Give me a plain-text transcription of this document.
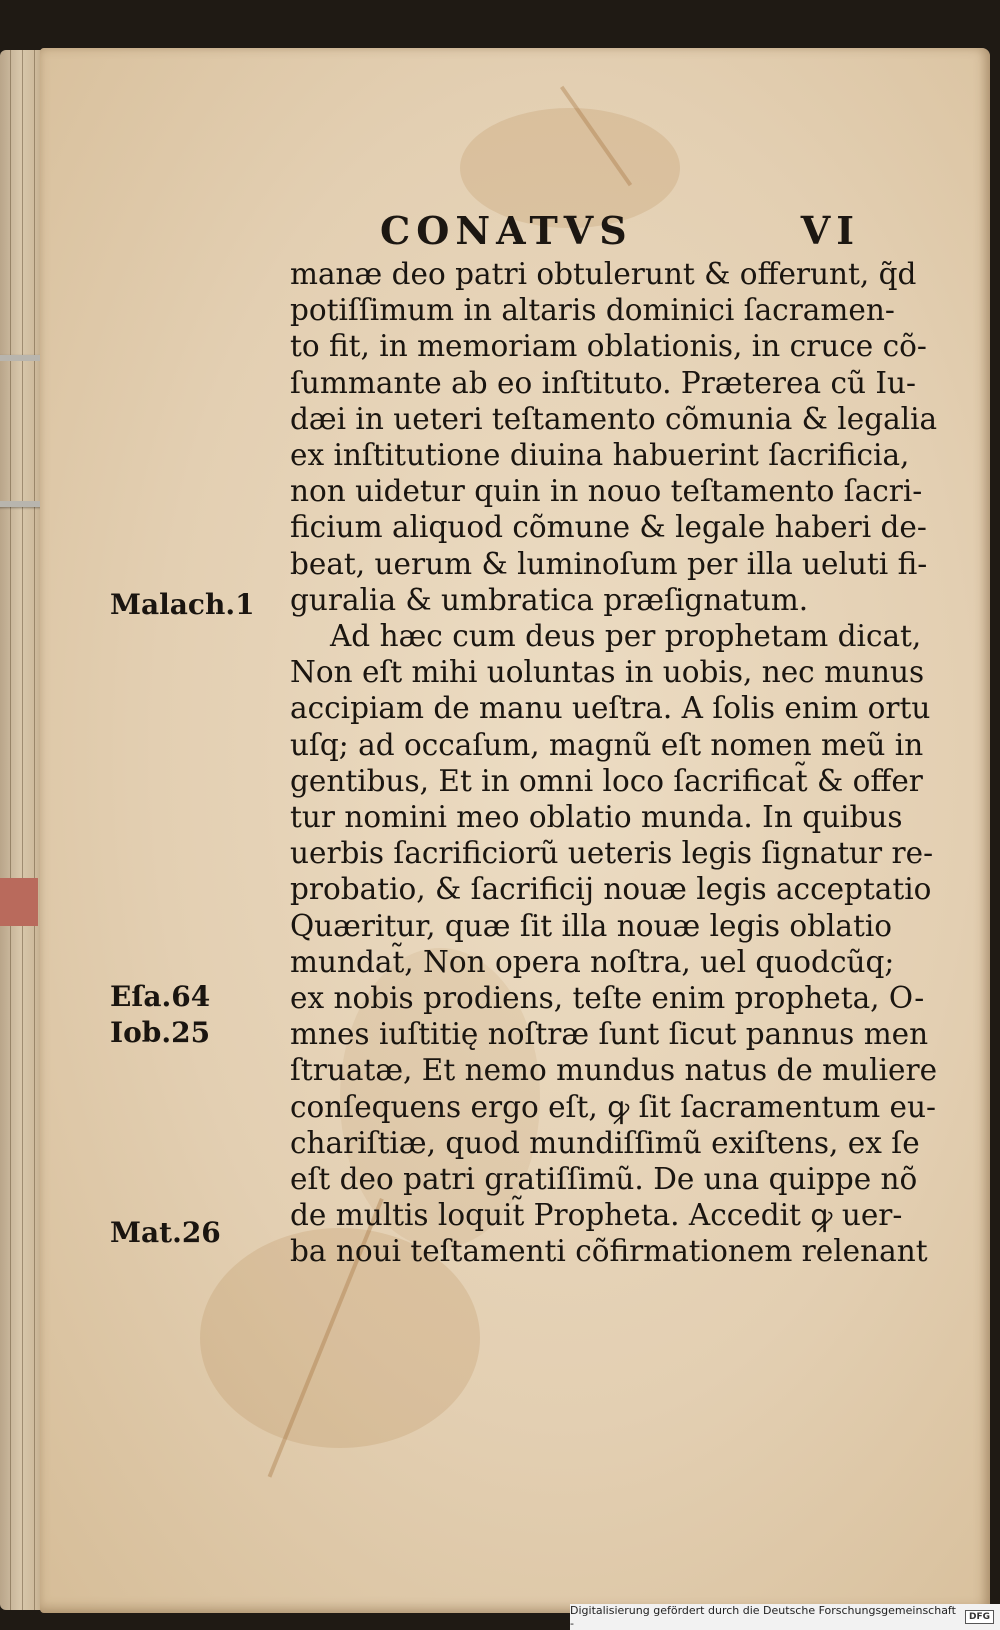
CONATVS	VI
manæ deo patri obtulerunt & offerunt, q̃d
potiſſimum in altaris dominici ſacramen-
to fit, in memoriam oblationis, in cruce cõ-
ſummante ab eo inſtituto. Præterea cũ Iu-
dæi in ueteri teſtamento cõmunia & legalia
ex inſtitutione diuina habuerint ſacrificia,
non uidetur quin in nouo teſtamento ſacri-
ficium aliquod cõmune & legale haberi de-
beat, uerum & luminoſum per illa ueluti fi-
guralia & umbratica præſignatum.
Ad hæc cum deus per prophetam dicat,
Non eſt mihi uoluntas in uobis, nec munus
accipiam de manu ueſtra. A ſolis enim ortu
uſq; ad occaſum, magnũ eſt nomen meũ in
gentibus, Et in omni loco ſacrificat̃ & offer
tur nomini meo oblatio munda. In quibus
uerbis ſacrificiorũ ueteris legis ſignatur re-
probatio, & ſacrificij nouæ legis acceptatio
Quæritur, quæ ſit illa nouæ legis oblatio
mundat̃, Non opera noſtra, uel quodcũq;
ex nobis prodiens, teſte enim propheta, O-
mnes iuſtitię noſtræ ſunt ſicut pannus men
ſtruatæ, Et nemo mundus natus de muliere
conſequens ergo eſt, ꝙ ſit ſacramentum eu-
chariſtiæ, quod mundiſſimũ exiſtens, ex ſe
eſt deo patri gratiſſimũ. De una quippe nõ
de multis loquit̃ Propheta. Accedit ꝙ uer-
ba noui teſtamenti cõfirmationem relenant
Malach.1
Eſa.64
Iob.25
Mat.26
Digitalisierung gefördert durch die Deutsche Forschungsgemeinschaft -	DFG
